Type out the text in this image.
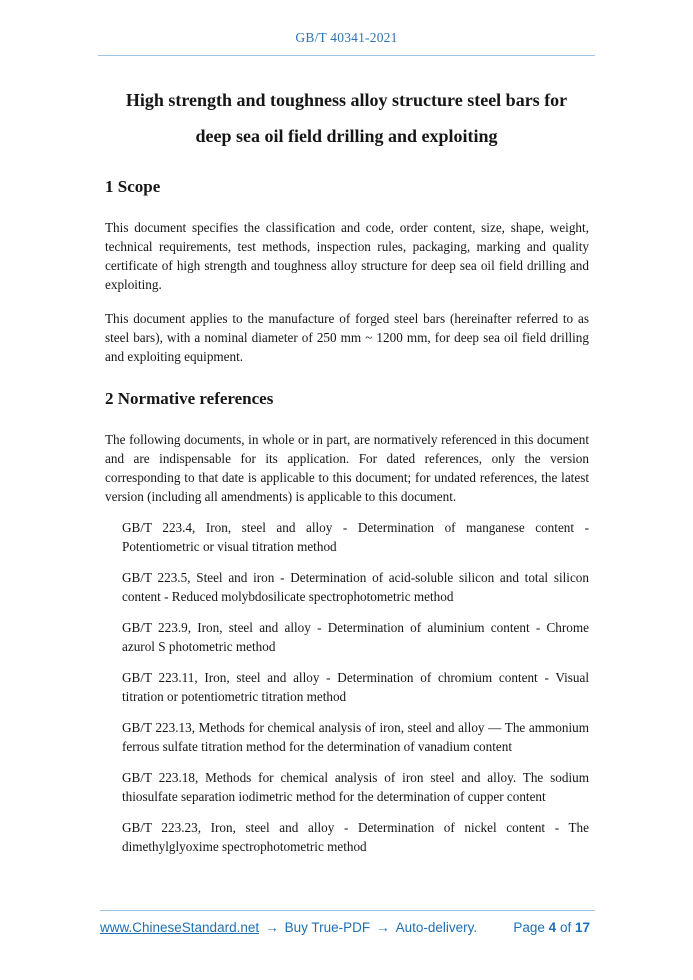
GB/T 40341-2021
High strength and toughness alloy structure steel bars for
deep sea oil field drilling and exploiting
1 Scope

This document specifies the classification and code, order content, size, shape, weight, technical requirements, test methods, inspection rules, packaging, marking and quality certificate of high strength and toughness alloy structure for deep sea oil field drilling and exploiting.

This document applies to the manufacture of forged steel bars (hereinafter referred to as steel bars), with a nominal diameter of 250 mm ~ 1200 mm, for deep sea oil field drilling and exploiting equipment.

2 Normative references

The following documents, in whole or in part, are normatively referenced in this document and are indispensable for its application. For dated references, only the version corresponding to that date is applicable to this document; for undated references, the latest version (including all amendments) is applicable to this document.

GB/T 223.4, Iron, steel and alloy - Determination of manganese content - Potentiometric or visual titration method

GB/T 223.5, Steel and iron - Determination of acid-soluble silicon and total silicon content - Reduced molybdosilicate spectrophotometric method

GB/T 223.9, Iron, steel and alloy - Determination of aluminium content - Chrome azurol S photometric method

GB/T 223.11, Iron, steel and alloy - Determination of chromium content - Visual titration or potentiometric titration method

GB/T 223.13, Methods for chemical analysis of iron, steel and alloy — The ammonium ferrous sulfate titration method for the determination of vanadium content

GB/T 223.18, Methods for chemical analysis of iron steel and alloy. The sodium thiosulfate separation iodimetric method for the determination of cupper content

GB/T 223.23, Iron, steel and alloy - Determination of nickel content - The dimethylglyoxime spectrophotometric method

www.ChineseStandard.net → Buy True-PDF → Auto-delivery.	Page 4 of 17
